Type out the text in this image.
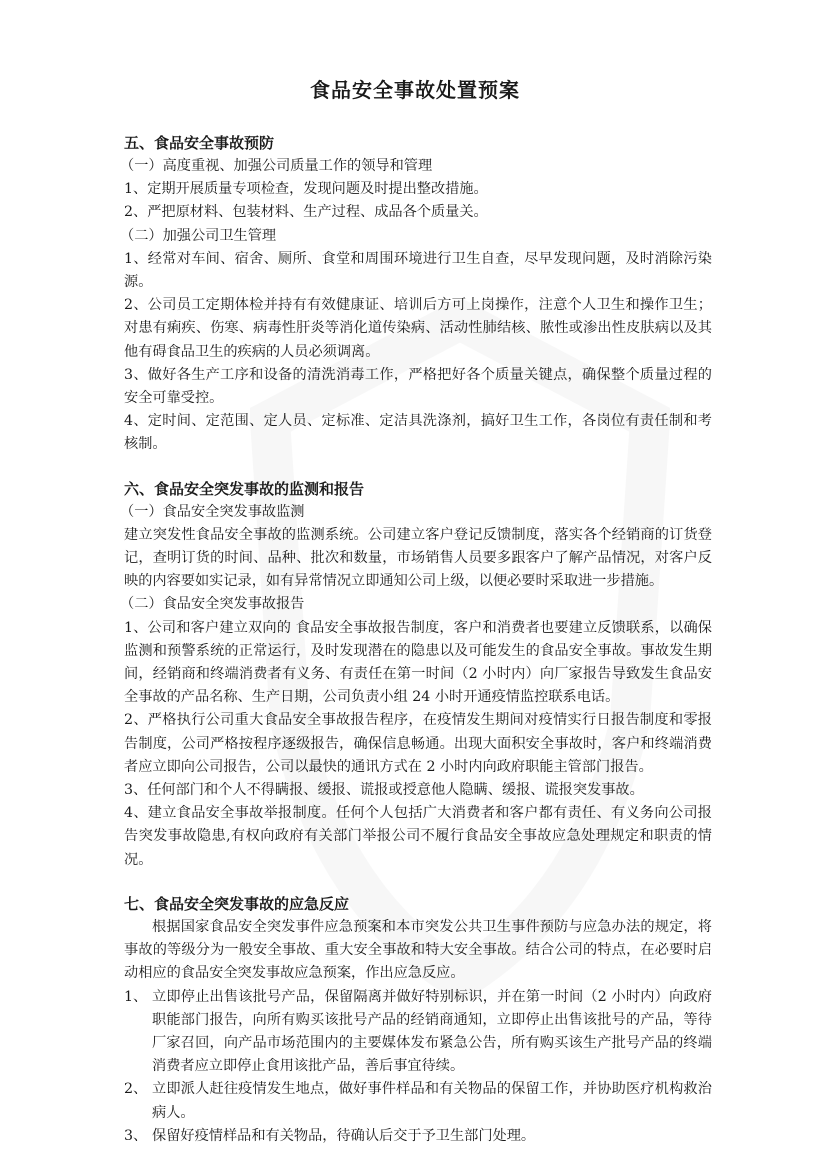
食品安全事故处置预案
五、食品安全事故预防
（一）高度重视、加强公司质量工作的领导和管理
1、定期开展质量专项检查，发现问题及时提出整改措施。
2、严把原材料、包装材料、生产过程、成品各个质量关。
（二）加强公司卫生管理
1、经常对车间、宿舍、厕所、食堂和周围环境进行卫生自查，尽早发现问题，及时消除污染源。
2、公司员工定期体检并持有有效健康证、培训后方可上岗操作，注意个人卫生和操作卫生；对患有痢疾、伤寒、病毒性肝炎等消化道传染病、活动性肺结核、脓性或渗出性皮肤病以及其他有碍食品卫生的疾病的人员必须调离。
3、做好各生产工序和设备的清洗消毒工作，严格把好各个质量关键点，确保整个质量过程的安全可靠受控。
4、定时间、定范围、定人员、定标准、定洁具洗涤剂，搞好卫生工作，各岗位有责任制和考核制。
六、食品安全突发事故的监测和报告
（一）食品安全突发事故监测
建立突发性食品安全事故的监测系统。公司建立客户登记反馈制度，落实各个经销商的订货登记，查明订货的时间、品种、批次和数量，市场销售人员要多跟客户了解产品情况，对客户反映的内容要如实记录，如有异常情况立即通知公司上级，以便必要时采取进一步措施。
（二）食品安全突发事故报告
1、公司和客户建立双向的 食品安全事故报告制度，客户和消费者也要建立反馈联系，以确保监测和预警系统的正常运行，及时发现潜在的隐患以及可能发生的食品安全事故。事故发生期间，经销商和终端消费者有义务、有责任在第一时间（2 小时内）向厂家报告导致发生食品安全事故的产品名称、生产日期，公司负责小组 24 小时开通疫情监控联系电话。
2、严格执行公司重大食品安全事故报告程序，在疫情发生期间对疫情实行日报告制度和零报告制度，公司严格按程序逐级报告，确保信息畅通。出现大面积安全事故时，客户和终端消费者应立即向公司报告，公司以最快的通讯方式在 2 小时内向政府职能主管部门报告。
3、任何部门和个人不得瞒报、缓报、谎报或授意他人隐瞒、缓报、谎报突发事故。
4、建立食品安全事故举报制度。任何个人包括广大消费者和客户都有责任、有义务向公司报告突发事故隐患,有权向政府有关部门举报公司不履行食品安全事故应急处理规定和职责的情况。
七、食品安全突发事故的应急反应
根据国家食品安全突发事件应急预案和本市突发公共卫生事件预防与应急办法的规定，将事故的等级分为一般安全事故、重大安全事故和特大安全事故。结合公司的特点，在必要时启动相应的食品安全突发事故应急预案，作出应急反应。
1、 立即停止出售该批号产品，保留隔离并做好特别标识，并在第一时间（2 小时内）向政府职能部门报告，向所有购买该批号产品的经销商通知，立即停止出售该批号的产品，等待厂家召回，向产品市场范围内的主要媒体发布紧急公告，所有购买该生产批号产品的终端消费者应立即停止食用该批产品，善后事宜待续。
2、 立即派人赶往疫情发生地点，做好事件样品和有关物品的保留工作，并协助医疗机构救治病人。
3、 保留好疫情样品和有关物品，待确认后交于予卫生部门处理。
